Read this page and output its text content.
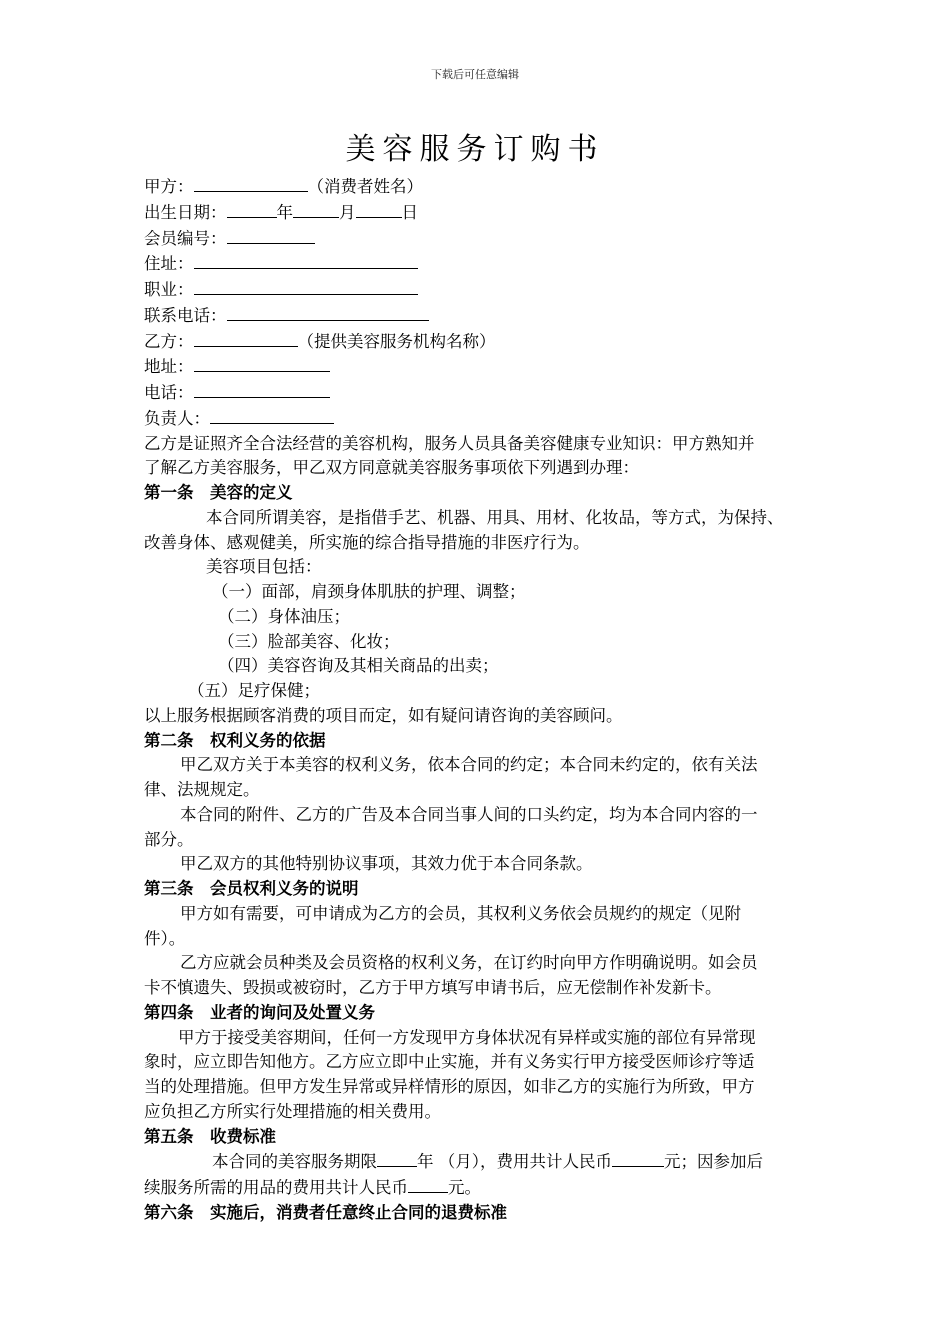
下载后可任意编辑
美容服务订购书

甲方：	（消费者姓名）

出生日期：	年	月	日

会员编号：

住址：

职业：

联系电话：

乙方：	（提供美容服务机构名称）

地址：

电话：

负责人：

乙方是证照齐全合法经营的美容机构，服务人员具备美容健康专业知识：甲方熟知并

了解乙方美容服务，甲乙双方同意就美容服务事项依下列遇到办理：

第一条　美容的定义

本合同所谓美容，是指借手艺、机器、用具、用材、化妆品，等方式，为保持、

改善身体、感观健美，所实施的综合指导措施的非医疗行为。

美容项目包括：

（一）面部，肩颈身体肌肤的护理、调整；

（二）身体油压；

（三）脸部美容、化妆；

（四）美容咨询及其相关商品的出卖；

（五）足疗保健；

以上服务根据顾客消费的项目而定，如有疑问请咨询的美容顾问。

第二条　权利义务的依据

甲乙双方关于本美容的权利义务，依本合同的约定；本合同未约定的，依有关法

律、法规规定。

本合同的附件、乙方的广告及本合同当事人间的口头约定，均为本合同内容的一

部分。

甲乙双方的其他特别协议事项，其效力优于本合同条款。

第三条　会员权利义务的说明

甲方如有需要，可申请成为乙方的会员，其权利义务依会员规约的规定（见附

件）。

乙方应就会员种类及会员资格的权利义务，在订约时向甲方作明确说明。如会员

卡不慎遗失、毁损或被窃时，乙方于甲方填写申请书后，应无偿制作补发新卡。

第四条　业者的询问及处置义务

甲方于接受美容期间，任何一方发现甲方身体状况有异样或实施的部位有异常现

象时，应立即告知他方。乙方应立即中止实施，并有义务实行甲方接受医师诊疗等适

当的处理措施。但甲方发生异常或异样情形的原因，如非乙方的实施行为所致，甲方

应负担乙方所实行处理措施的相关费用。

第五条　收费标准

本合同的美容服务期限 年 （月），费用共计人民币	元；因参加后

续服务所需的用品的费用共计人民币 元。

第六条　实施后，消费者任意终止合同的退费标准
